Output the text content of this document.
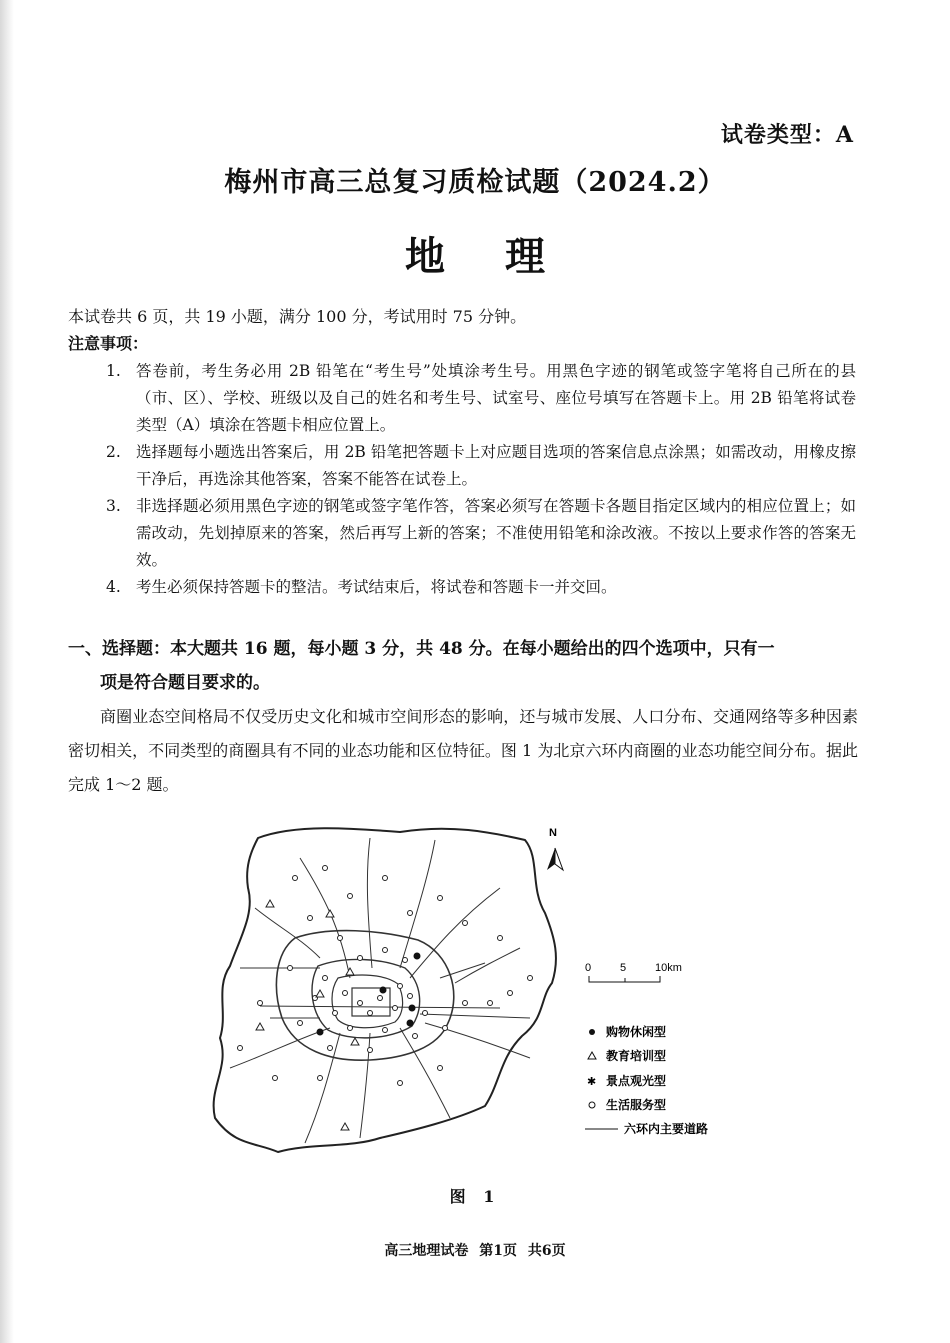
试卷类型：A
梅州市高三总复习质检试题（2024.2）
地理
本试卷共 6 页，共 19 小题，满分 100 分，考试用时 75 分钟。
注意事项：
1. 答卷前，考生务必用 2B 铅笔在“考生号”处填涂考生号。用黑色字迹的钢笔或签字笔将自己所在的县（市、区）、学校、班级以及自己的姓名和考生号、试室号、座位号填写在答题卡上。用 2B 铅笔将试卷类型（A）填涂在答题卡相应位置上。
2. 选择题每小题选出答案后，用 2B 铅笔把答题卡上对应题目选项的答案信息点涂黑；如需改动，用橡皮擦干净后，再选涂其他答案，答案不能答在试卷上。
3. 非选择题必须用黑色字迹的钢笔或签字笔作答，答案必须写在答题卡各题目指定区域内的相应位置上；如需改动，先划掉原来的答案，然后再写上新的答案；不准使用铅笔和涂改液。不按以上要求作答的答案无效。
4. 考生必须保持答题卡的整洁。考试结束后，将试卷和答题卡一并交回。
一、选择题：本大题共 16 题，每小题 3 分，共 48 分。在每小题给出的四个选项中，只有一
项是符合题目要求的。
商圈业态空间格局不仅受历史文化和城市空间形态的影响，还与城市发展、人口分布、交通网络等多种因素密切相关，不同类型的商圈具有不同的业态功能和区位特征。图 1 为北京六环内商圈的业态功能空间分布。据此完成 1～2 题。
N
0	5	10km
购物休闲型
教育培训型
✱ 景点观光型
生活服务型
六环内主要道路
图 1
高三地理试卷 第1页 共6页
